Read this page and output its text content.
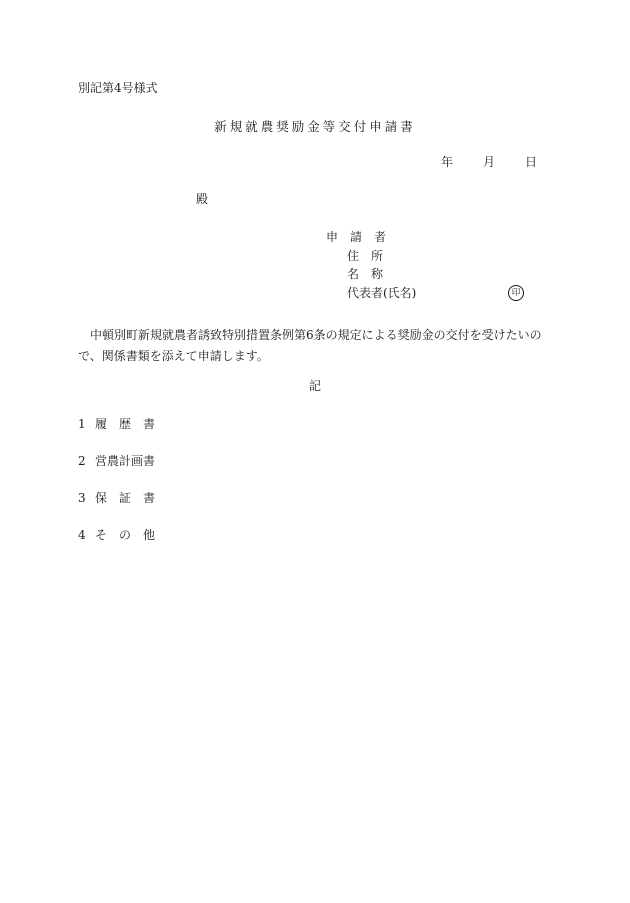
別記第4号様式
新規就農奨励金等交付申請書
年	月	日
殿
申　請　者
住　所
名　称
代表者(氏名)	印
中頓別町新規就農者誘致特別措置条例第6条の規定による奨励金の交付を受けたいので、関係書類を添えて申請します。
記
1 履　歴　書
2 営農計画書
3 保　証　書
4 そ　の　他
